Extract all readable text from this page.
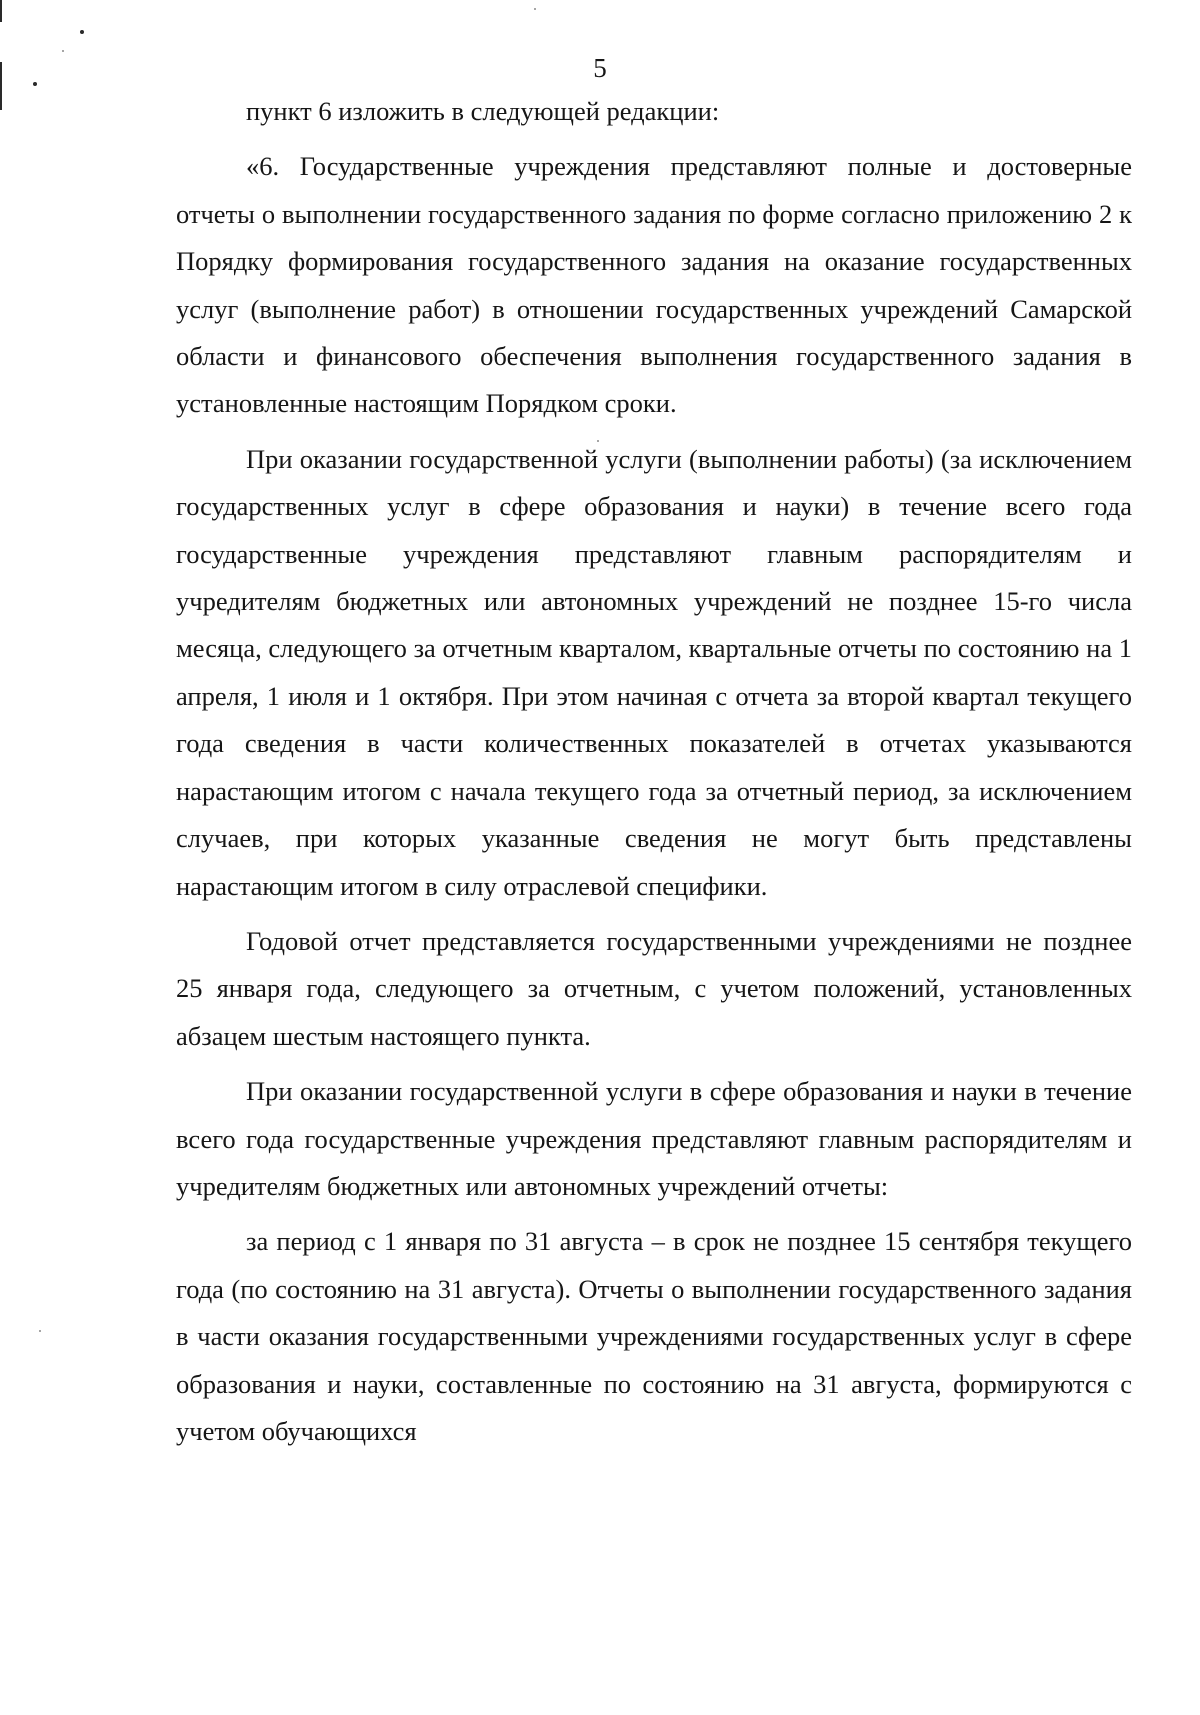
5

пункт 6 изложить в следующей редакции:

«6. Государственные учреждения представляют полные и достоверные отчеты о выполнении государственного задания по форме согласно приложению 2 к Порядку формирования государственного задания на оказание государственных услуг (выполнение работ) в отношении государственных учреждений Самарской области и финансового обеспечения выполнения государственного задания в установленные настоящим Порядком сроки.

При оказании государственной услуги (выполнении работы) (за исключением государственных услуг в сфере образования и науки) в течение всего года государственные учреждения представляют главным распорядителям и учредителям бюджетных или автономных учреждений не позднее 15-го числа месяца, следующего за отчетным кварталом, квартальные отчеты по состоянию на 1 апреля, 1 июля и 1 октября. При этом начиная с отчета за второй квартал текущего года сведения в части количественных показателей в отчетах указываются нарастающим итогом с начала текущего года за отчетный период, за исключением случаев, при которых указанные сведения не могут быть представлены нарастающим итогом в силу отраслевой специфики.

Годовой отчет представляется государственными учреждениями не позднее 25 января года, следующего за отчетным, с учетом положений, установленных абзацем шестым настоящего пункта.

При оказании государственной услуги в сфере образования и науки в течение всего года государственные учреждения представляют главным распорядителям и учредителям бюджетных или автономных учреждений отчеты:

за период с 1 января по 31 августа – в срок не позднее 15 сентября текущего года (по состоянию на 31 августа). Отчеты о выполнении государственного задания в части оказания государственными учреждениями государственных услуг в сфере образования и науки, составленные по состоянию на 31 августа, формируются с учетом обучающихся
